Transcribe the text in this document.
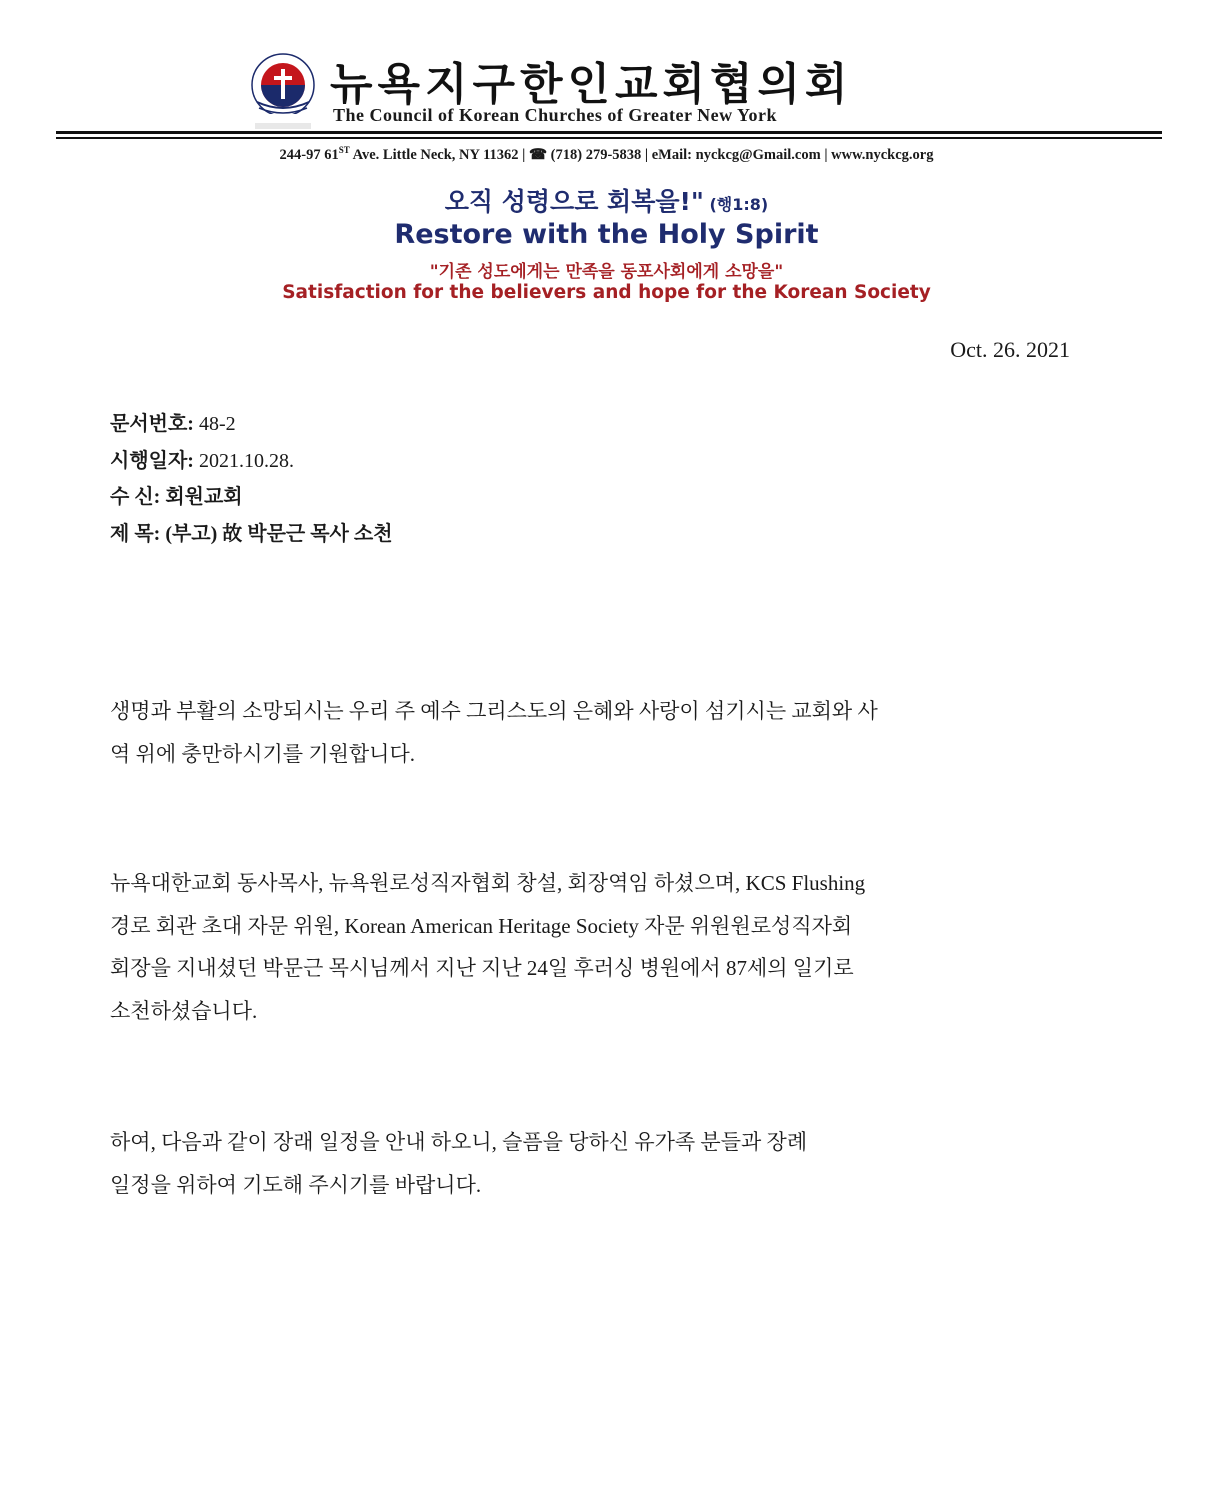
뉴욕지구한인교회협의회
The Council of Korean Churches of Greater New York
244-97 61ST Ave. Little Neck, NY 11362 | ☎ (718) 279-5838 | eMail: nyckcg@Gmail.com | www.nyckcg.org
오직 성령으로 회복을!" (행1:8)
Restore with the Holy Spirit
"기존 성도에게는 만족을 동포사회에게 소망을"
Satisfaction for the believers and hope for the Korean Society
Oct. 26. 2021
문서번호: 48-2
시행일자: 2021.10.28.
수 신: 회원교회
제 목: (부고) 故 박문근 목사 소천
생명과 부활의 소망되시는 우리 주 예수 그리스도의 은혜와 사랑이 섬기시는 교회와 사
역 위에 충만하시기를 기원합니다.
뉴욕대한교회 동사목사, 뉴욕원로성직자협회 창설, 회장역임 하셨으며, KCS Flushing
경로 회관 초대 자문 위원, Korean American Heritage Society 자문 위원원로성직자회
회장을 지내셨던 박문근 목시님께서 지난 지난 24일 후러싱 병원에서 87세의 일기로
소천하셨습니다.
하여, 다음과 같이 장래 일정을 안내 하오니, 슬픔을 당하신 유가족 분들과 장례
일정을 위하여 기도해 주시기를 바랍니다.
